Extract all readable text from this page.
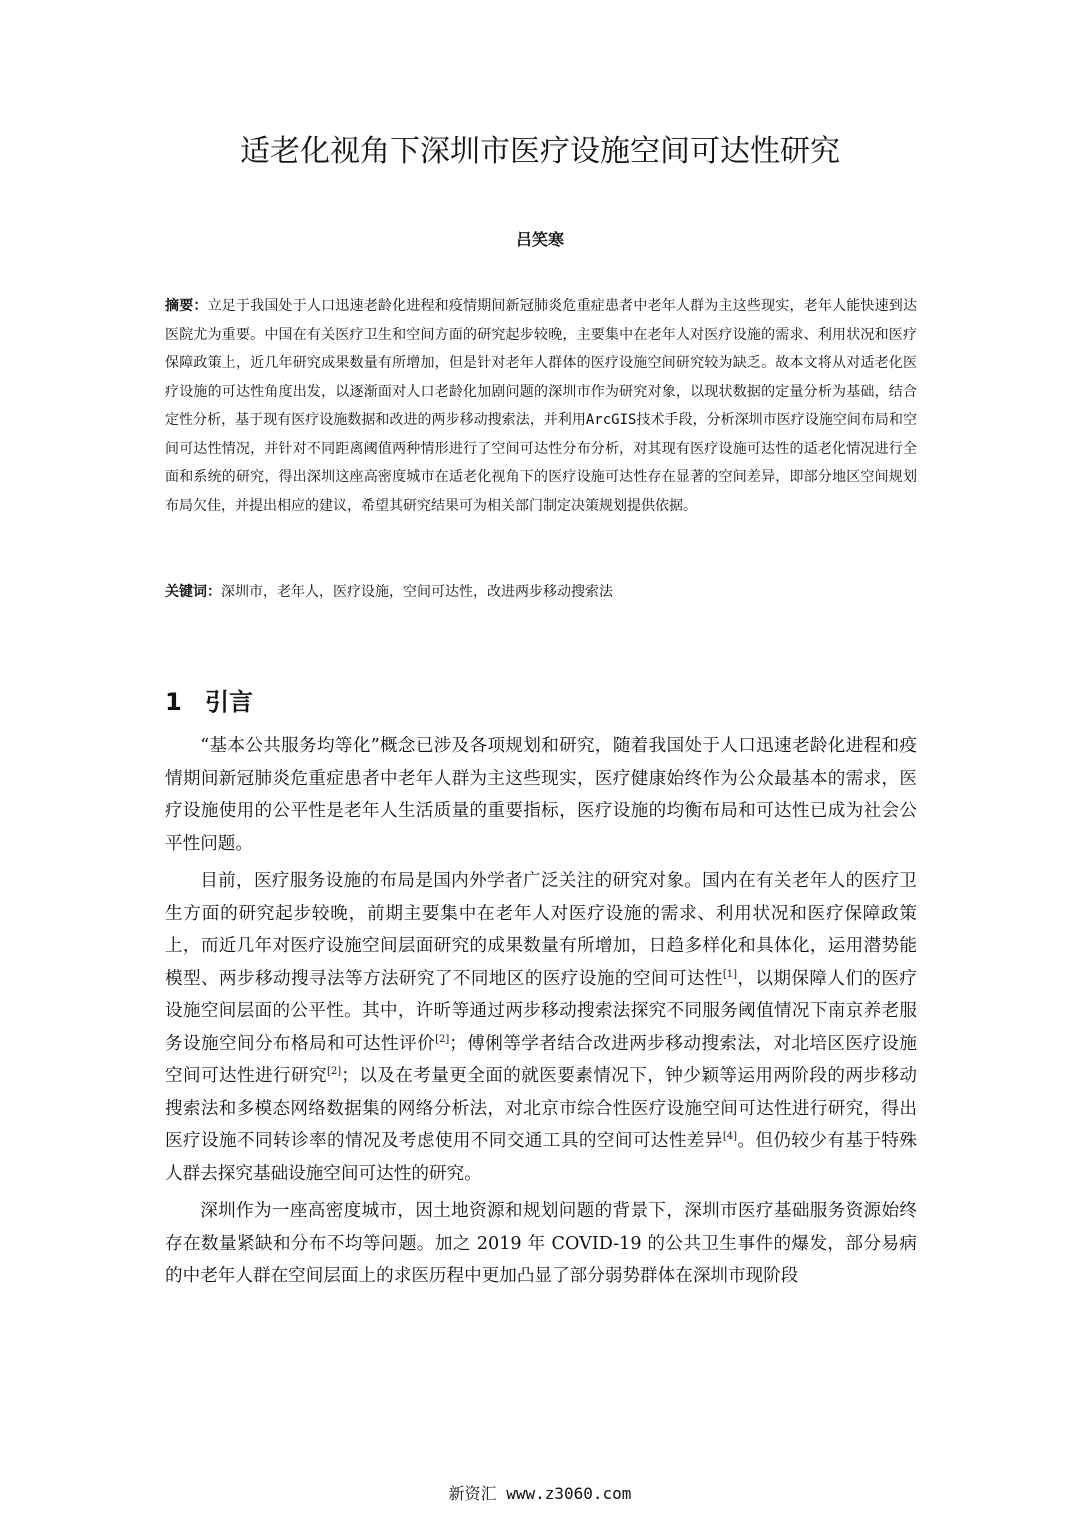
适老化视角下深圳市医疗设施空间可达性研究
吕笑寒
摘要：立足于我国处于人口迅速老龄化进程和疫情期间新冠肺炎危重症患者中老年人群为主这些现实，老年人能快速到达医院尤为重要。中国在有关医疗卫生和空间方面的研究起步较晚，主要集中在老年人对医疗设施的需求、利用状况和医疗保障政策上，近几年研究成果数量有所增加，但是针对老年人群体的医疗设施空间研究较为缺乏。故本文将从对适老化医疗设施的可达性角度出发，以逐渐面对人口老龄化加剧问题的深圳市作为研究对象，以现状数据的定量分析为基础，结合定性分析，基于现有医疗设施数据和改进的两步移动搜索法，并利用ArcGIS技术手段，分析深圳市医疗设施空间布局和空间可达性情况，并针对不同距离阈值两种情形进行了空间可达性分布分析，对其现有医疗设施可达性的适老化情况进行全面和系统的研究，得出深圳这座高密度城市在适老化视角下的医疗设施可达性存在显著的空间差异，即部分地区空间规划布局欠佳，并提出相应的建议，希望其研究结果可为相关部门制定决策规划提供依据。
关键词：深圳市，老年人，医疗设施，空间可达性，改进两步移动搜索法
1 引言

“基本公共服务均等化”概念已涉及各项规划和研究，随着我国处于人口迅速老龄化进程和疫情期间新冠肺炎危重症患者中老年人群为主这些现实，医疗健康始终作为公众最基本的需求，医疗设施使用的公平性是老年人生活质量的重要指标，医疗设施的均衡布局和可达性已成为社会公平性问题。

目前，医疗服务设施的布局是国内外学者广泛关注的研究对象。国内在有关老年人的医疗卫生方面的研究起步较晚，前期主要集中在老年人对医疗设施的需求、利用状况和医疗保障政策上，而近几年对医疗设施空间层面研究的成果数量有所增加，日趋多样化和具体化，运用潜势能模型、两步移动搜寻法等方法研究了不同地区的医疗设施的空间可达性[1]，以期保障人们的医疗设施空间层面的公平性。其中，许昕等通过两步移动搜索法探究不同服务阈值情况下南京养老服务设施空间分布格局和可达性评价[2]；傅俐等学者结合改进两步移动搜索法，对北培区医疗设施空间可达性进行研究[2]；以及在考量更全面的就医要素情况下，钟少颖等运用两阶段的两步移动搜索法和多模态网络数据集的网络分析法，对北京市综合性医疗设施空间可达性进行研究，得出医疗设施不同转诊率的情况及考虑使用不同交通工具的空间可达性差异[4]。但仍较少有基于特殊人群去探究基础设施空间可达性的研究。

深圳作为一座高密度城市，因土地资源和规划问题的背景下，深圳市医疗基础服务资源始终存在数量紧缺和分布不均等问题。加之 2019 年 COVID-19 的公共卫生事件的爆发，部分易病的中老年人群在空间层面上的求医历程中更加凸显了部分弱势群体在深圳市现阶段

新资汇 www.z3060.com
